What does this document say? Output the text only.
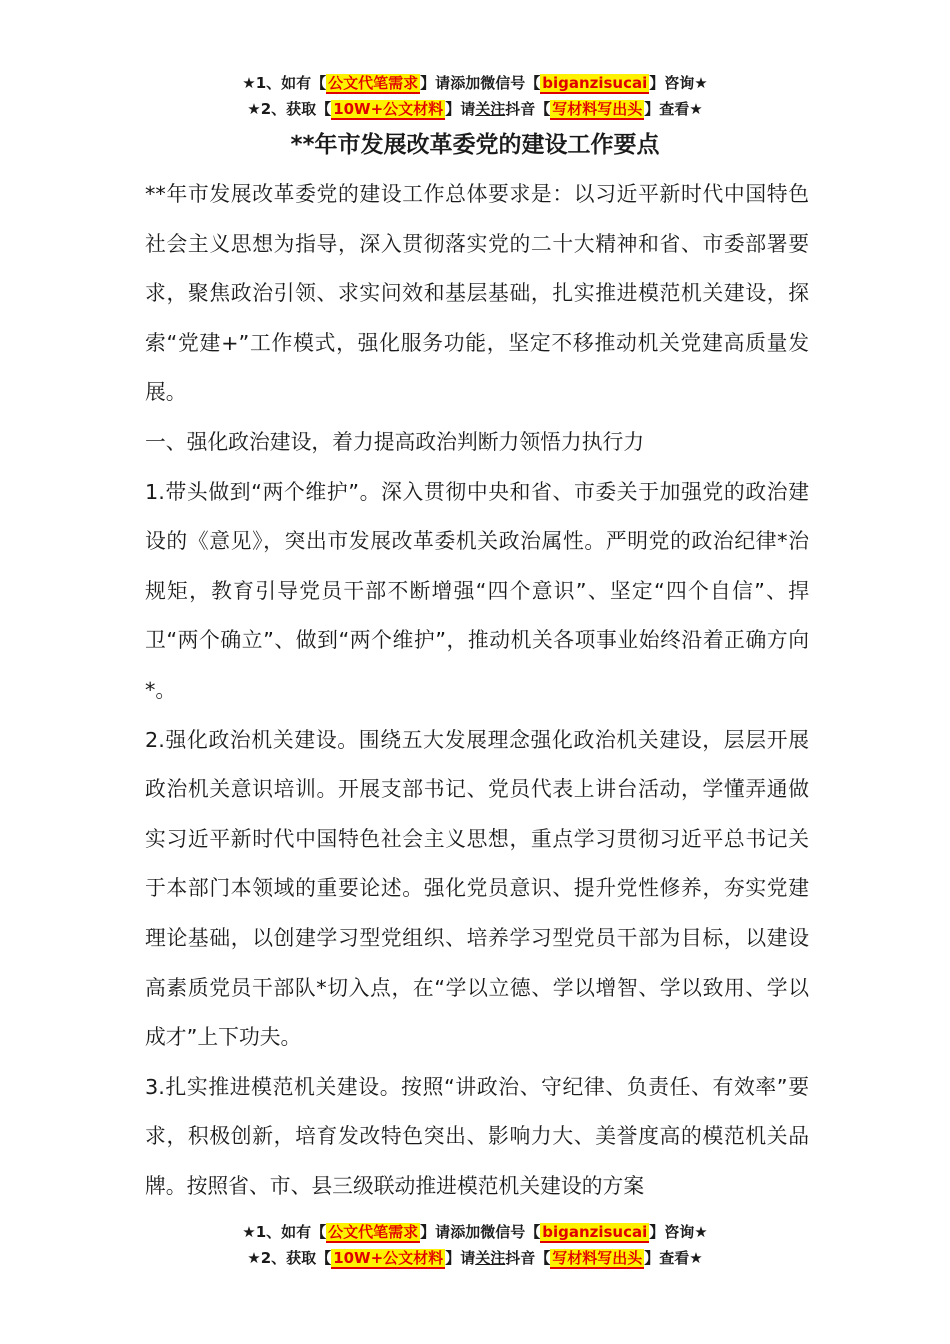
★1、如有【 公文代笔需求 】请添加微信号【 biganzisucai 】咨询★
★2、获取【 10W+公文材料 】请关注抖音【 写材料写出头 】查看★
**年市发展改革委党的建设工作要点

**年市发展改革委党的建设工作总体要求是：以习近平新时代中国特色社会主义思想为指导，深入贯彻落实党的二十大精神和省、市委部署要求，聚焦政治引领、求实问效和基层基础，扎实推进模范机关建设，探索“党建+”工作模式，强化服务功能，坚定不移推动机关党建高质量发展。

一、强化政治建设，着力提高政治判断力领悟力执行力

1.带头做到“两个维护”。深入贯彻中央和省、市委关于加强党的政治建设的《意见》，突出市发展改革委机关政治属性。严明党的政治纪律*治规矩，教育引导党员干部不断增强“四个意识”、坚定“四个自信”、捍卫“两个确立”、做到“两个维护”，推动机关各项事业始终沿着正确方向*。

2.强化政治机关建设。围绕五大发展理念强化政治机关建设，层层开展政治机关意识培训。开展支部书记、党员代表上讲台活动，学懂弄通做实习近平新时代中国特色社会主义思想，重点学习贯彻习近平总书记关于本部门本领域的重要论述。强化党员意识、提升党性修养，夯实党建理论基础，以创建学习型党组织、培养学习型党员干部为目标，以建设高素质党员干部队*切入点，在“学以立德、学以增智、学以致用、学以成才”上下功夫。

3.扎实推进模范机关建设。按照“讲政治、守纪律、负责任、有效率”要求，积极创新，培育发改特色突出、影响力大、美誉度高的模范机关品牌。按照省、市、县三级联动推进模范机关建设的方案

★1、如有【 公文代笔需求 】请添加微信号【 biganzisucai 】咨询★
★2、获取【 10W+公文材料 】请关注抖音【 写材料写出头 】查看★
